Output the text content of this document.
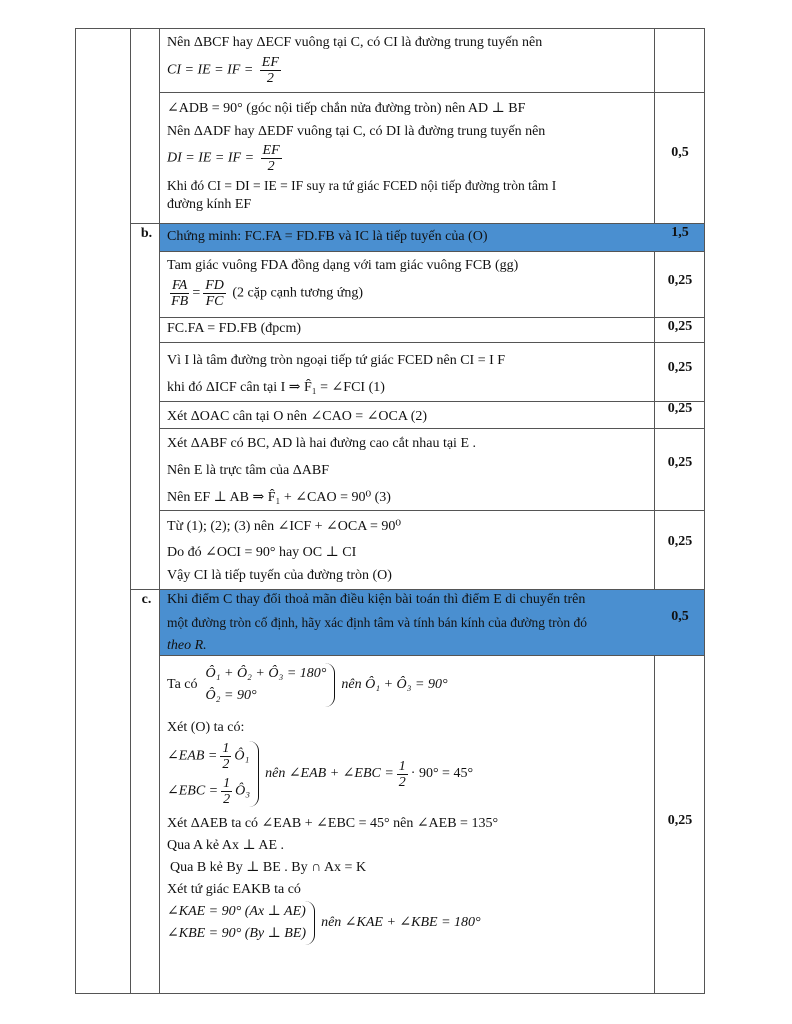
Nên ΔBCF hay ΔECF vuông tại C, có CI là đường trung tuyến nên
CI = IE = IF = $\frac{EF}{2}$
∠ADB = 90° (góc nội tiếp chắn nửa đường tròn) nên AD ⊥ BF
Nên ΔADF hay ΔEDF vuông tại C, có DI là đường trung tuyến nên
DI = IE = IF = $\frac{EF}{2}$
Khi đó CI = DI = IE = IF suy ra tứ giác FCED nội tiếp đường tròn tâm I
đường kính EF
0,5
b.	Chứng minh: FC.FA = FD.FB và IC là tiếp tuyến của (O)	1,5
Tam giác vuông FDA đồng dạng với tam giác vuông FCB (gg)
$\frac{FA}{FB} = \frac{FD}{FC} (2$ cặp cạnh tương ứng)
0,25
FC.FA = FD.FB (đpcm)	0,25
Vì I là tâm đường tròn ngoại tiếp tứ giác FCED nên CI = I F
khi đó ΔICF cân tại I ⇒ F̂₁ = ∠FCI (1)
0,25
Xét ΔOAC cân tại O nên ∠CAO = ∠OCA (2)
0,25
Xét ΔABF có BC, AD là hai đường cao cắt nhau tại E .
Nên E là trực tâm của ΔABF
Nên EF ⊥ AB ⇒ F̂₁ + ∠CAO = 90⁰ (3)
0,25
Từ (1); (2); (3) nên ∠ICF + ∠OCA = 90⁰
Do đó ∠OCI = 90° hay OC ⊥ CI
Vậy CI là tiếp tuyến của đường tròn (O)
0,25
c.	Khi điểm C thay đổi thoả mãn điều kiện bài toán thì điểm E di chuyển trên
một đường tròn cố định, hãy xác định tâm và tính bán kính của đường tròn đó
theo R.
0,5
Ta có
Ô₁ + Ô₂ + Ô₃ = 180°
Ô₂ = 90°
nên Ô₁ + Ô₃ = 90°
Xét (O) ta có:
∠EAB = $\frac{1}{2}$ Ô₁
∠EBC = $\frac{1}{2}$ Ô₃
nên ∠EAB + ∠EBC = $\frac{1}{2} \cdot 90^\circ = 45^\circ$
Xét ΔAEB ta có ∠EAB + ∠EBC = 45° nên ∠AEB = 135°
Qua A kẻ Ax ⊥ AE .
Qua B kẻ By ⊥ BE . By ∩ Ax = K
Xét tứ giác EAKB ta có
∠KAE = 90° (Ax ⊥ AE)
∠KBE = 90° (By ⊥ BE)
nên ∠KAE + ∠KBE = 180°
0,25
